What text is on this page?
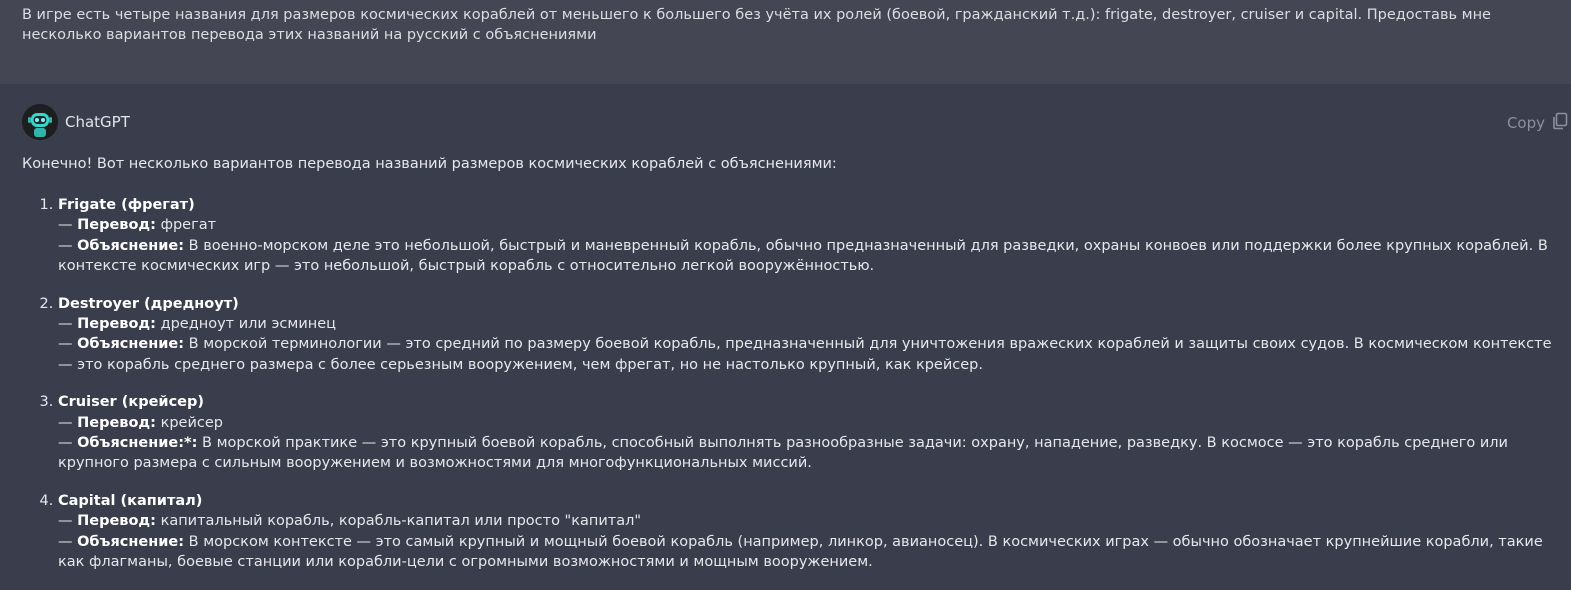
В игре есть четыре названия для размеров космических кораблей от меньшего к большего без учёта их ролей (боевой, гражданский т.д.): frigate, destroyer, cruiser и capital. Предоставь мне несколько вариантов перевода этих названий на русский с объяснениями
ChatGPT	Copy
Конечно! Вот несколько вариантов перевода названий размеров космических кораблей с объяснениями:
1. Frigate (фрегат)
— Перевод: фрегат
— Объяснение: В военно-морском деле это небольшой, быстрый и маневренный корабль, обычно предназначенный для разведки, охраны конвоев или поддержки более крупных кораблей. В контексте космических игр — это небольшой, быстрый корабль с относительно легкой вооружённостью.
2. Destroyer (дредноут)
— Перевод: дредноут или эсминец
— Объяснение: В морской терминологии — это средний по размеру боевой корабль, предназначенный для уничтожения вражеских кораблей и защиты своих судов. В космическом контексте — это корабль среднего размера с более серьезным вооружением, чем фрегат, но не настолько крупный, как крейсер.
3. Cruiser (крейсер)
— Перевод: крейсер
— Объяснение:*: В морской практике — это крупный боевой корабль, способный выполнять разнообразные задачи: охрану, нападение, разведку. В космосе — это корабль среднего или крупного размера с сильным вооружением и возможностями для многофункциональных миссий.
4. Capital (капитал)
— Перевод: капитальный корабль, корабль-капитал или просто "капитал"
— Объяснение: В морском контексте — это самый крупный и мощный боевой корабль (например, линкор, авианосец). В космических играх — обычно обозначает крупнейшие корабли, такие как флагманы, боевые станции или корабли-цели с огромными возможностями и мощным вооружением.
